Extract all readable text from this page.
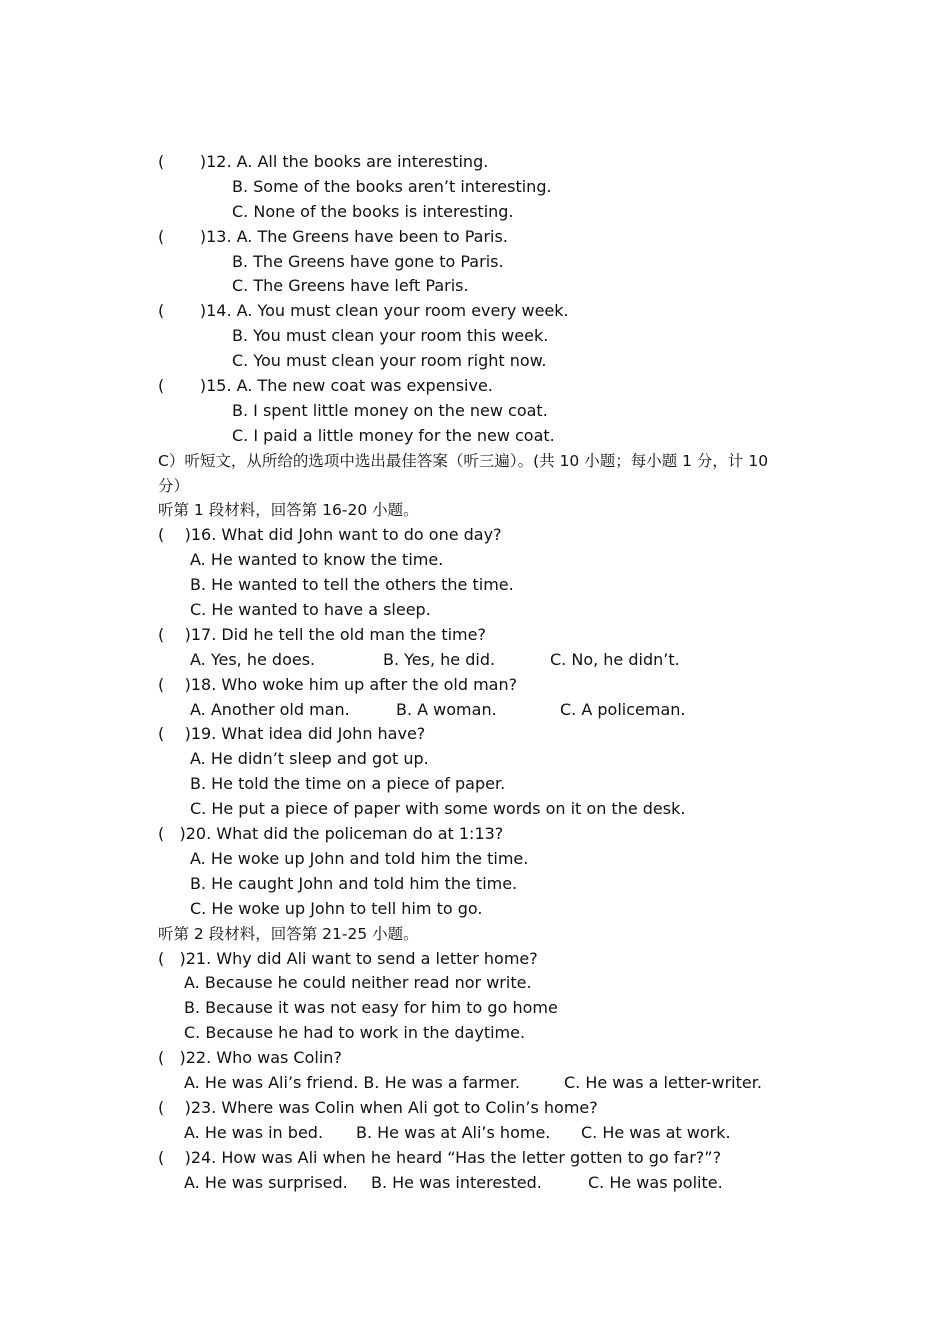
(       )12. A. All the books are interesting.
B. Some of the books aren’t interesting.
C. None of the books is interesting.
(       )13. A. The Greens have been to Paris.
B. The Greens have gone to Paris.
C. The Greens have left Paris.
(       )14. A. You must clean your room every week.
B. You must clean your room this week.
C. You must clean your room right now.
(       )15. A. The new coat was expensive.
B. I spent little money on the new coat.
C. I paid a little money for the new coat.
C）听短文，从所给的选项中选出最佳答案（听三遍）。(共 10 小题；每小题 1 分，计 10
分）
听第 1 段材料，回答第 16-20 小题。
(    )16. What did John want to do one day?
A. He wanted to know the time.
B. He wanted to tell the others the time.
C. He wanted to have a sleep.
(    )17. Did he tell the old man the time?

A. Yes, he does.

	B. Yes, he did.

	C. No, he didn’t.

(    )18. Who woke him up after the old man?

A. Another old man.

	B. A woman.

	C. A policeman.

(    )19. What idea did John have?
A. He didn’t sleep and got up.
B. He told the time on a piece of paper.
C. He put a piece of paper with some words on it on the desk.
(   )20. What did the policeman do at 1:13?
A. He woke up John and told him the time.
B. He caught John and told him the time.
C. He woke up John to tell him to go.
听第 2 段材料，回答第 21-25 小题。
(   )21. Why did Ali want to send a letter home?
A. Because he could neither read nor write.
B. Because it was not easy for him to go home
C. Because he had to work in the daytime.
(   )22. Who was Colin?

A. He was Ali’s friend. B. He was a farmer.

	C. He was a letter-writer.

(    )23. Where was Colin when Ali got to Colin’s home?

A. He was in bed.

B. He was at Ali’s home.

C. He was at work.

(    )24. How was Ali when he heard “Has the letter gotten to go far?”?

A. He was surprised.

B. He was interested.

	C. He was polite.
